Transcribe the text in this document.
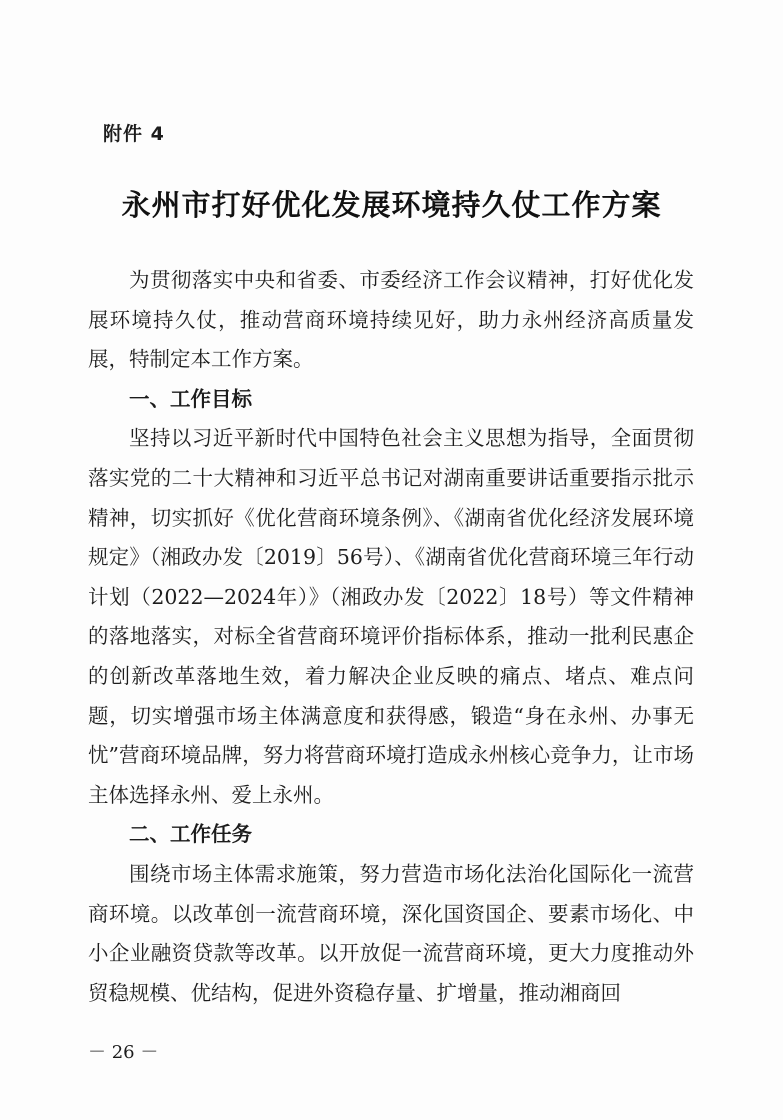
附件 4
永州市打好优化发展环境持久仗工作方案

为贯彻落实中央和省委、市委经济工作会议精神，打好优化发展环境持久仗，推动营商环境持续见好，助力永州经济高质量发展，特制定本工作方案。

一、工作目标

坚持以习近平新时代中国特色社会主义思想为指导，全面贯彻落实党的二十大精神和习近平总书记对湖南重要讲话重要指示批示精神，切实抓好《优化营商环境条例》、《湖南省优化经济发展环境规定》（湘政办发〔2019〕56号）、《湖南省优化营商环境三年行动计划（2022—2024年）》（湘政办发〔2022〕18号）等文件精神的落地落实，对标全省营商环境评价指标体系，推动一批利民惠企的创新改革落地生效，着力解决企业反映的痛点、堵点、难点问题，切实增强市场主体满意度和获得感，锻造“身在永州、办事无忧”营商环境品牌，努力将营商环境打造成永州核心竞争力，让市场主体选择永州、爱上永州。

二、工作任务

围绕市场主体需求施策，努力营造市场化法治化国际化一流营商环境。以改革创一流营商环境，深化国资国企、要素市场化、中小企业融资贷款等改革。以开放促一流营商环境，更大力度推动外贸稳规模、优结构，促进外资稳存量、扩增量，推动湘商回

－ 26 －
